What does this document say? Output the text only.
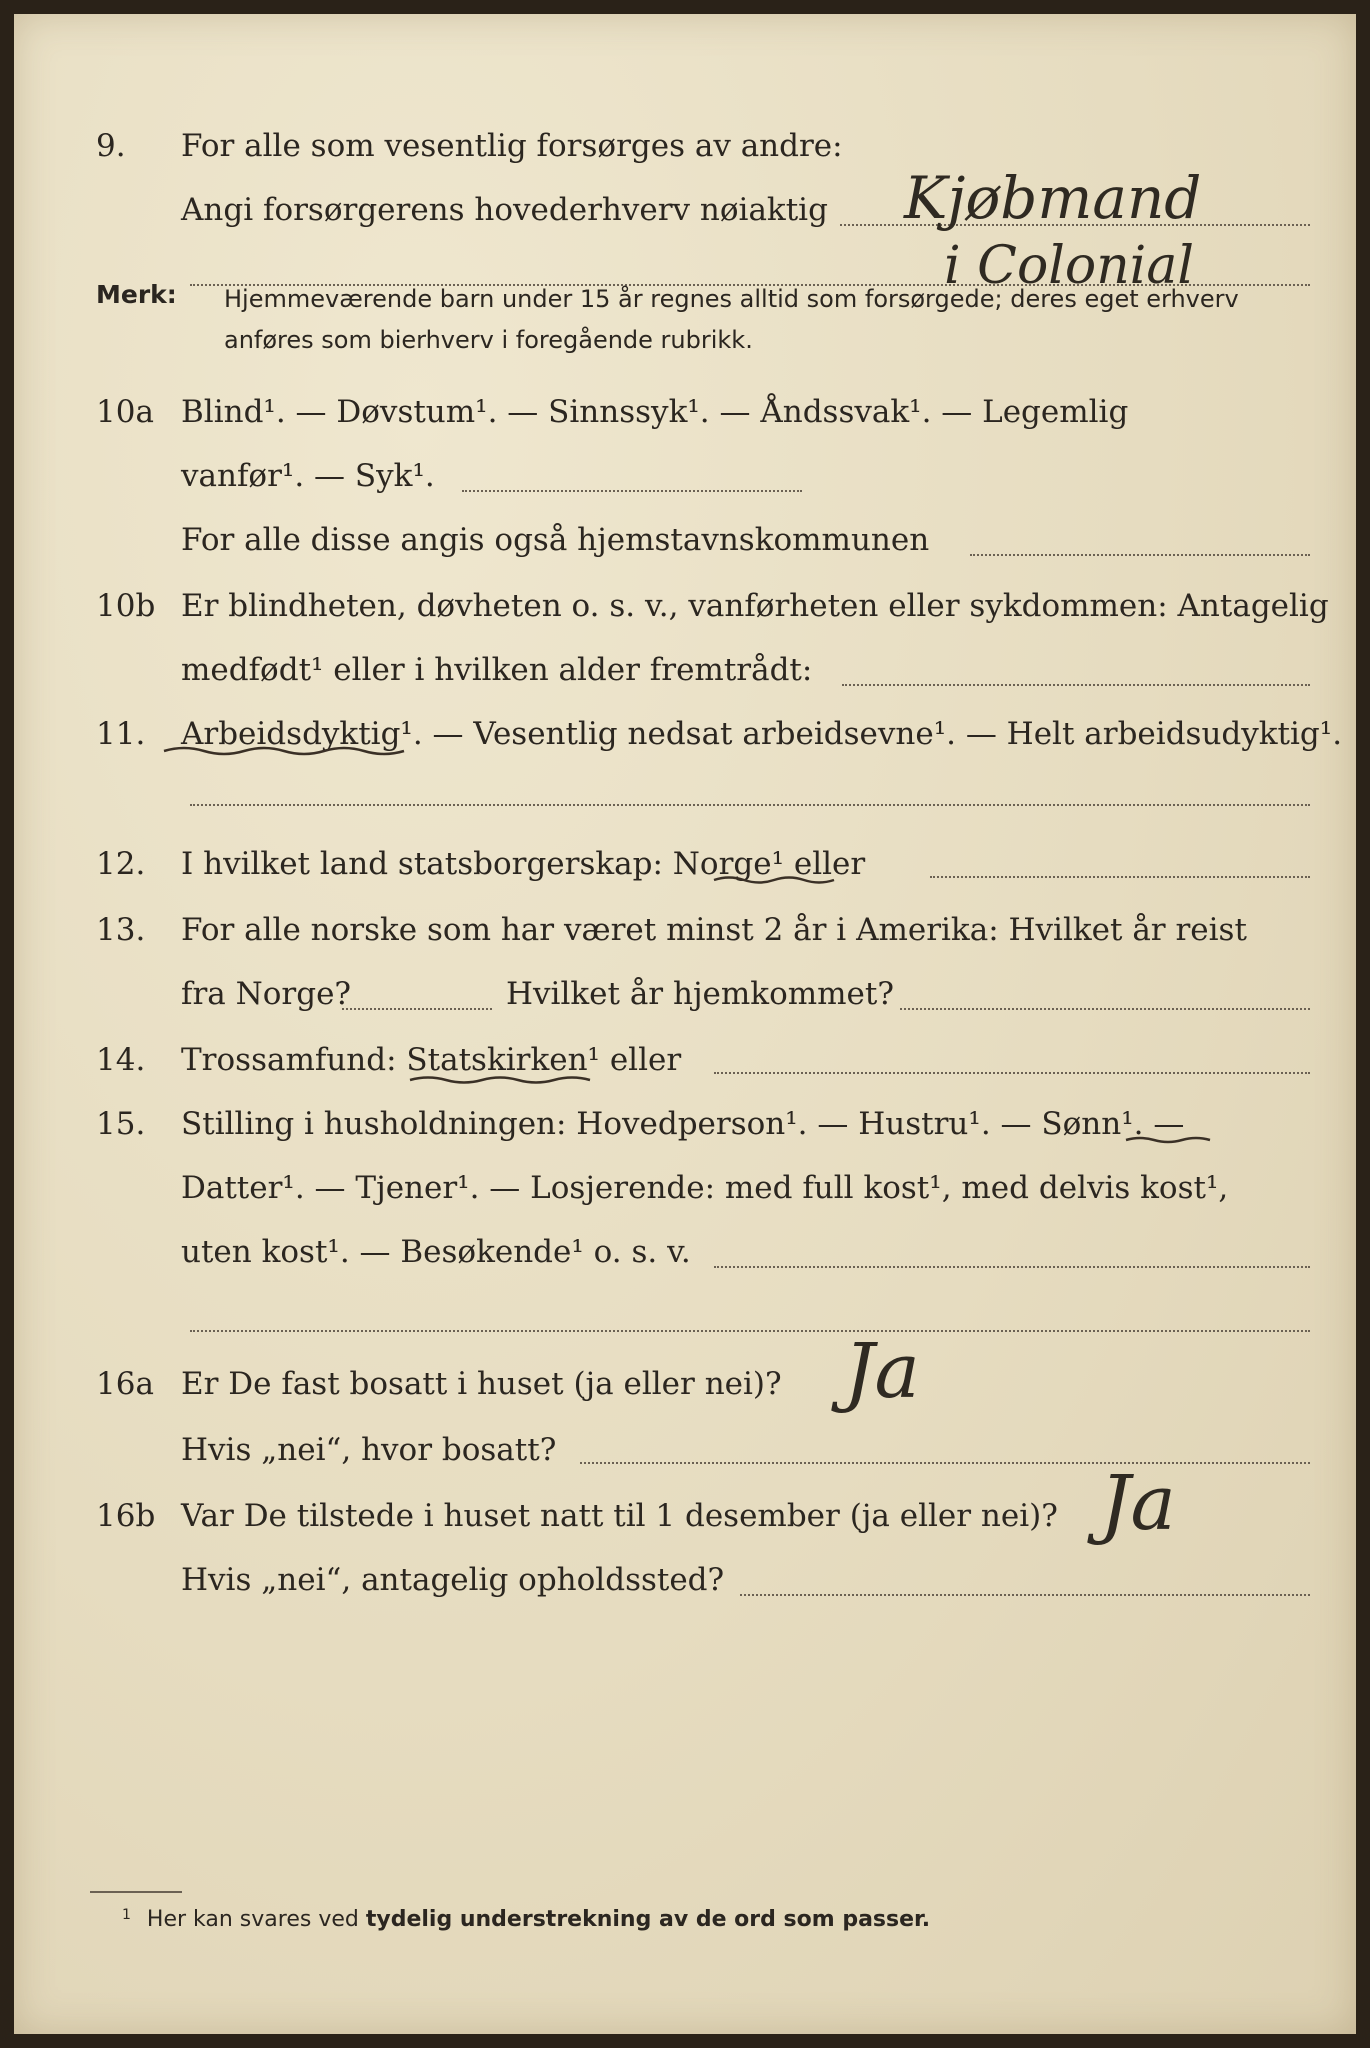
9. For alle som vesentlig forsørges av andre:
Angi forsørgerens hovederhverv nøiaktig Kjøbmand
i Colonial
Merk: Hjemmeværende barn under 15 år regnes alltid som forsørgede; deres eget erhverv
anføres som bierhverv i foregående rubrikk.
10a Blind¹. — Døvstum¹. — Sinnssyk¹. — Åndssvak¹. — Legemlig
vanfør¹. — Syk¹.
For alle disse angis også hjemstavnskommunen
10b Er blindheten, døvheten o. s. v., vanførheten eller sykdommen: Antagelig
medfødt¹ eller i hvilken alder fremtrådt:
11. Arbeidsdyktig¹. — Vesentlig nedsat arbeidsevne¹. — Helt arbeidsudyktig¹.
12. I hvilket land statsborgerskap: Norge¹ eller
13. For alle norske som har været minst 2 år i Amerika: Hvilket år reist
fra Norge?	Hvilket år hjemkommet?
14. Trossamfund: Statskirken¹ eller
15. Stilling i husholdningen: Hovedperson¹. — Hustru¹. — Sønn¹. —
Datter¹. — Tjener¹. — Losjerende: med full kost¹, med delvis kost¹,
uten kost¹. — Besøkende¹ o. s. v.
16a Er De fast bosatt i huset (ja eller nei)?
Hvis „nei“, hvor bosatt?
Ja
16b Var De tilstede i huset natt til 1 desember (ja eller nei)?
Hvis „nei“, antagelig opholdssted?
Ja
$^1$ Her kan svares ved tydelig understrekning av de ord som passer.
